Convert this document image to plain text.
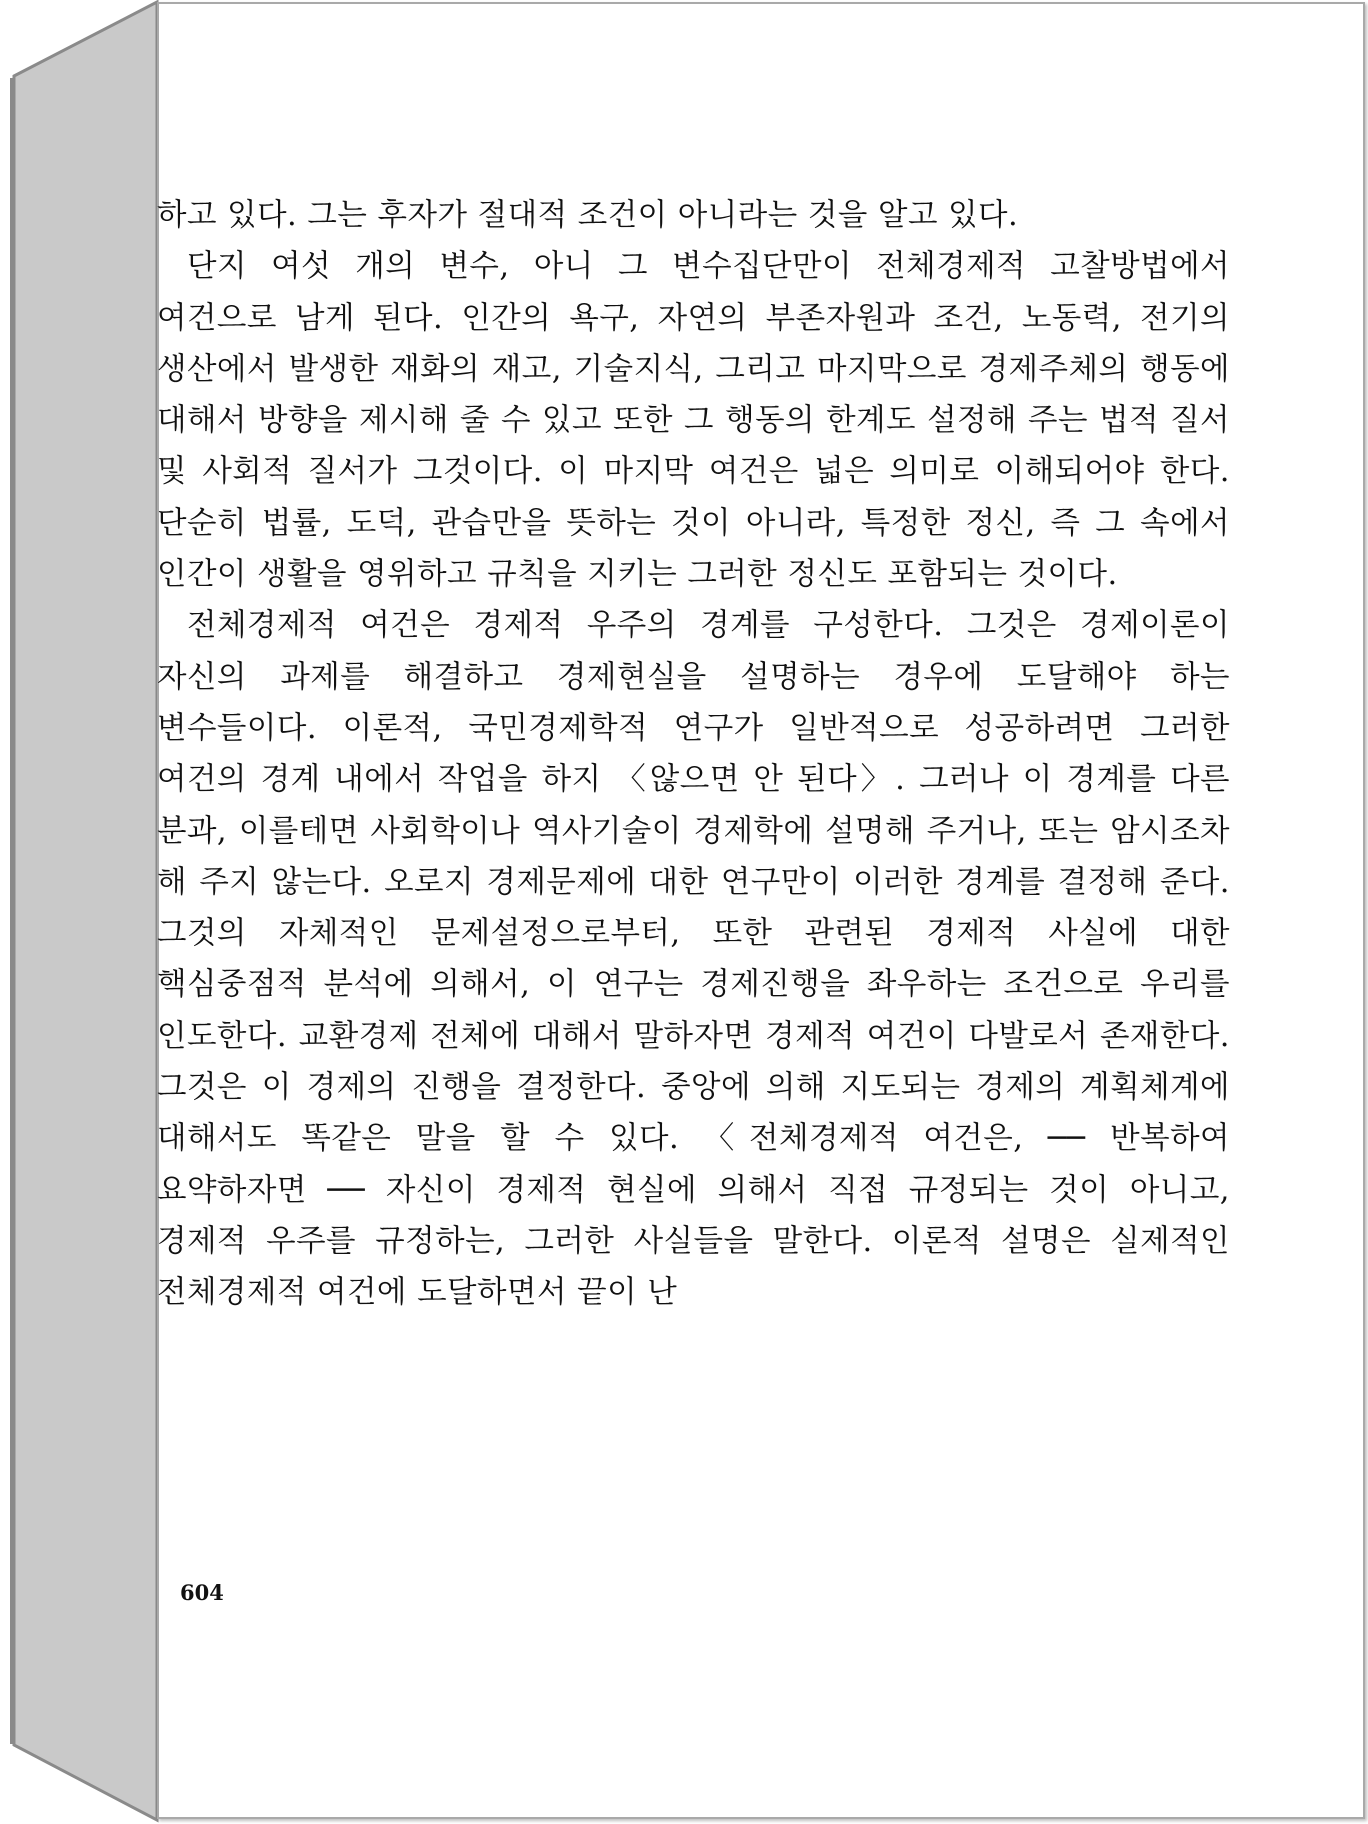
하고 있다. 그는 후자가 절대적 조건이 아니라는 것을 알고 있다.

단지 여섯 개의 변수, 아니 그 변수집단만이 전체경제적 고찰방법에서 여건으로 남게 된다. 인간의 욕구, 자연의 부존자원과 조건, 노동력, 전기의 생산에서 발생한 재화의 재고, 기술지식, 그리고 마지막으로 경제주체의 행동에 대해서 방향을 제시해 줄 수 있고 또한 그 행동의 한계도 설정해 주는 법적 질서 및 사회적 질서가 그것이다. 이 마지막 여건은 넓은 의미로 이해되어야 한다. 단순히 법률, 도덕, 관습만을 뜻하는 것이 아니라, 특정한 정신, 즉 그 속에서 인간이 생활을 영위하고 규칙을 지키는 그러한 정신도 포함되는 것이다.

전체경제적 여건은 경제적 우주의 경계를 구성한다. 그것은 경제이론이 자신의 과제를 해결하고 경제현실을 설명하는 경우에 도달해야 하는 변수들이다. 이론적, 국민경제학적 연구가 일반적으로 성공하려면 그러한 여건의 경계 내에서 작업을 하지 〈않으면 안 된다〉. 그러나 이 경계를 다른 분과, 이를테면 사회학이나 역사기술이 경제학에 설명해 주거나, 또는 암시조차 해 주지 않는다. 오로지 경제문제에 대한 연구만이 이러한 경계를 결정해 준다. 그것의 자체적인 문제설정으로부터, 또한 관련된 경제적 사실에 대한 핵심중점적 분석에 의해서, 이 연구는 경제진행을 좌우하는 조건으로 우리를 인도한다. 교환경제 전체에 대해서 말하자면 경제적 여건이 다발로서 존재한다. 그것은 이 경제의 진행을 결정한다. 중앙에 의해 지도되는 경제의 계획체계에 대해서도 똑같은 말을 할 수 있다. 〈전체경제적 여건은, ── 반복하여 요약하자면 ── 자신이 경제적 현실에 의해서 직접 규정되는 것이 아니고, 경제적 우주를 규정하는, 그러한 사실들을 말한다. 이론적 설명은 실제적인 전체경제적 여건에 도달하면서 끝이 난

604
